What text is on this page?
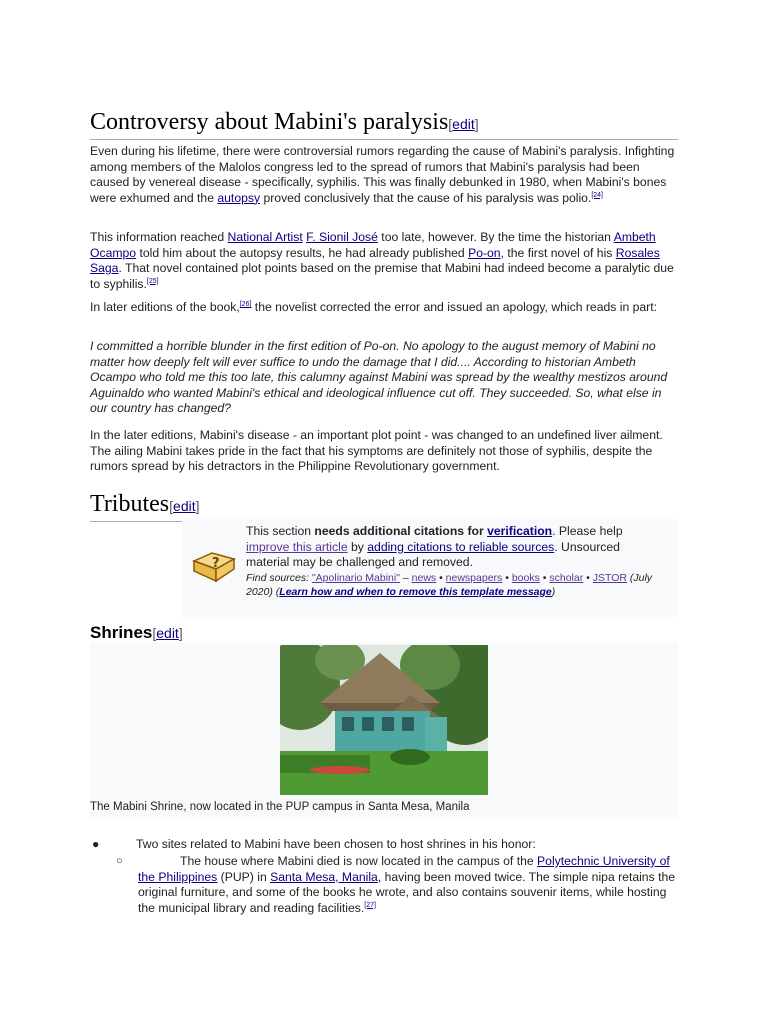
Controversy about Mabini's paralysis[edit]

Even during his lifetime, there were controversial rumors regarding the cause of Mabini's paralysis. Infighting among members of the Malolos congress led to the spread of rumors that Mabini's paralysis had been caused by venereal disease - specifically, syphilis. This was finally debunked in 1980, when Mabini's bones were exhumed and the autopsy proved conclusively that the cause of his paralysis was polio.[24]

This information reached National Artist F. Sionil José too late, however. By the time the historian Ambeth Ocampo told him about the autopsy results, he had already published Po-on, the first novel of his Rosales Saga. That novel contained plot points based on the premise that Mabini had indeed become a paralytic due to syphilis.[25]

In later editions of the book,[26] the novelist corrected the error and issued an apology, which reads in part:

I committed a horrible blunder in the first edition of Po-on. No apology to the august memory of Mabini no matter how deeply felt will ever suffice to undo the damage that I did.... According to historian Ambeth Ocampo who told me this too late, this calumny against Mabini was spread by the wealthy mestizos around Aguinaldo who wanted Mabini's ethical and ideological influence cut off. They succeeded. So, what else in our country has changed?

In the later editions, Mabini's disease - an important plot point - was changed to an undefined liver ailment. The ailing Mabini takes pride in the fact that his symptoms are definitely not those of syphilis, despite the rumors spread by his detractors in the Philippine Revolutionary government.

Tributes[edit]
?
This section needs additional citations for verification. Please help improve this article by adding citations to reliable sources. Unsourced material may be challenged and removed.
Find sources: "Apolinario Mabini" – news • newspapers • books • scholar • JSTOR (July 2020) (Learn how and when to remove this template message)
Shrines[edit]
The Mabini Shrine, now located in the PUP campus in Santa Mesa, Manila
●	Two sites related to Mabini have been chosen to host shrines in his honor:
○	The house where Mabini died is now located in the campus of the Polytechnic University of the Philippines (PUP) in Santa Mesa, Manila, having been moved twice. The simple nipa retains the original furniture, and some of the books he wrote, and also contains souvenir items, while hosting the municipal library and reading facilities.[27]
